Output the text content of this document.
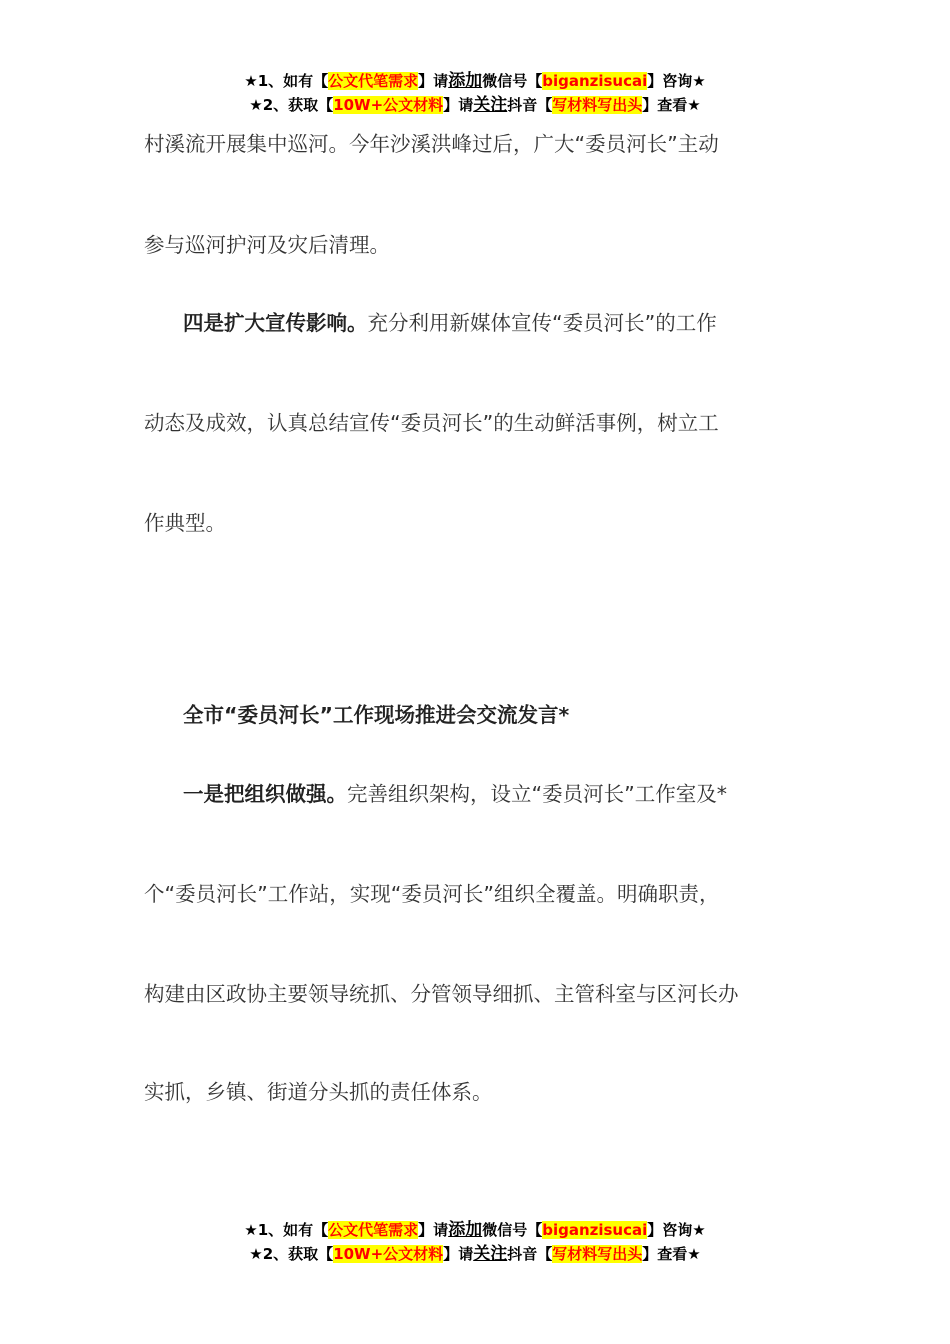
★1、如有【公文代笔需求】请添加微信号【biganzisucai】咨询★
★2、获取【10W+公文材料】请关注抖音【写材料写出头】查看★
村溪流开展集中巡河。今年沙溪洪峰过后，广大“委员河长”主动
参与巡河护河及灾后清理。
四是扩大宣传影响。充分利用新媒体宣传“委员河长”的工作
动态及成效，认真总结宣传“委员河长”的生动鲜活事例，树立工
作典型。
全市“委员河长”工作现场推进会交流发言*
一是把组织做强。完善组织架构，设立“委员河长”工作室及*
个“委员河长”工作站，实现“委员河长”组织全覆盖。明确职责，
构建由区政协主要领导统抓、分管领导细抓、主管科室与区河长办
实抓，乡镇、街道分头抓的责任体系。
★1、如有【公文代笔需求】请添加微信号【biganzisucai】咨询★
★2、获取【10W+公文材料】请关注抖音【写材料写出头】查看★
